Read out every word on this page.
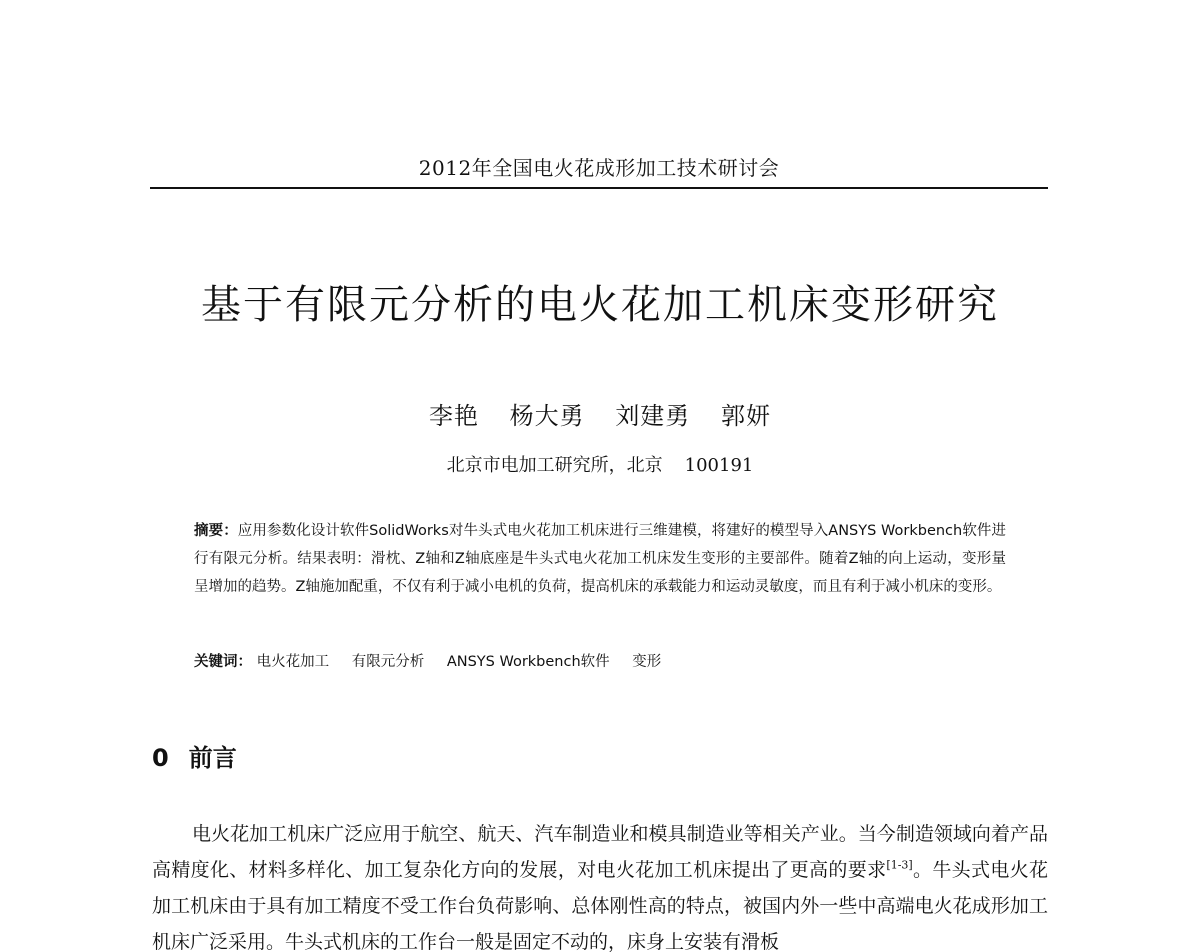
2012年全国电火花成形加工技术研讨会
基于有限元分析的电火花加工机床变形研究
李艳 杨大勇 刘建勇 郭妍
北京市电加工研究所，北京 100191
摘要：应用参数化设计软件SolidWorks对牛头式电火花加工机床进行三维建模，将建好的模型导入ANSYS Workbench软件进行有限元分析。结果表明：滑枕、Z轴和Z轴底座是牛头式电火花加工机床发生变形的主要部件。随着Z轴的向上运动，变形量呈增加的趋势。Z轴施加配重，不仅有利于减小电机的负荷，提高机床的承载能力和运动灵敏度，而且有利于减小机床的变形。
关键词： 电火花加工 有限元分析 ANSYS Workbench软件 变形
0 前言

电火花加工机床广泛应用于航空、航天、汽车制造业和模具制造业等相关产业。当今制造领域向着产品高精度化、材料多样化、加工复杂化方向的发展，对电火花加工机床提出了更高的要求[1-3]。牛头式电火花加工机床由于具有加工精度不受工作台负荷影响、总体刚性高的特点，被国内外一些中高端电火花成形加工机床广泛采用。牛头式机床的工作台一般是固定不动的，床身上安装有滑板
